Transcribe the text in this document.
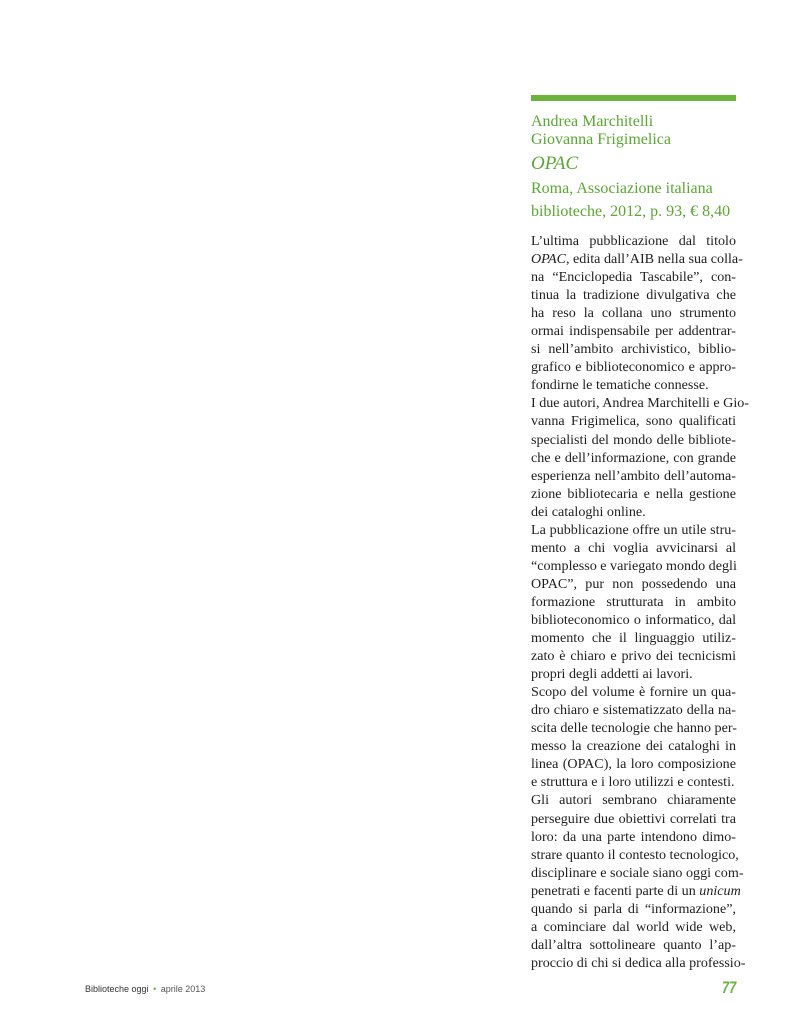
Andrea Marchitelli
Giovanna Frigimelica
OPAC
Roma, Associazione italiana
biblioteche, 2012, p. 93, € 8,40
L’ultima pubblicazione dal titolo
OPAC, edita dall’AIB nella sua colla-
na “Enciclopedia Tascabile”, con-
tinua la tradizione divulgativa che
ha reso la collana uno strumento
ormai indispensabile per addentrar-
si nell’ambito archivistico, biblio-
grafico e biblioteconomico e appro-
fondirne le tematiche connesse.
I due autori, Andrea Marchitelli e Gio-
vanna Frigimelica, sono qualificati
specialisti del mondo delle bibliote-
che e dell’informazione, con grande
esperienza nell’ambito dell’automa-
zione bibliotecaria e nella gestione
dei cataloghi online.
La pubblicazione offre un utile stru-
mento a chi voglia avvicinarsi al
“complesso e variegato mondo degli
OPAC”, pur non possedendo una
formazione strutturata in ambito
biblioteconomico o informatico, dal
momento che il linguaggio utiliz-
zato è chiaro e privo dei tecnicismi
propri degli addetti ai lavori.
Scopo del volume è fornire un qua-
dro chiaro e sistematizzato della na-
scita delle tecnologie che hanno per-
messo la creazione dei cataloghi in
linea (OPAC), la loro composizione
e struttura e i loro utilizzi e contesti.
Gli autori sembrano chiaramente
perseguire due obiettivi correlati tra
loro: da una parte intendono dimo-
strare quanto il contesto tecnologico,
disciplinare e sociale siano oggi com-
penetrati e facenti parte di un unicum
quando si parla di “informazione”,
a cominciare dal world wide web,
dall’altra sottolineare quanto l’ap-
proccio di chi si dedica alla professio-
Biblioteche oggi • aprile 2013	77
